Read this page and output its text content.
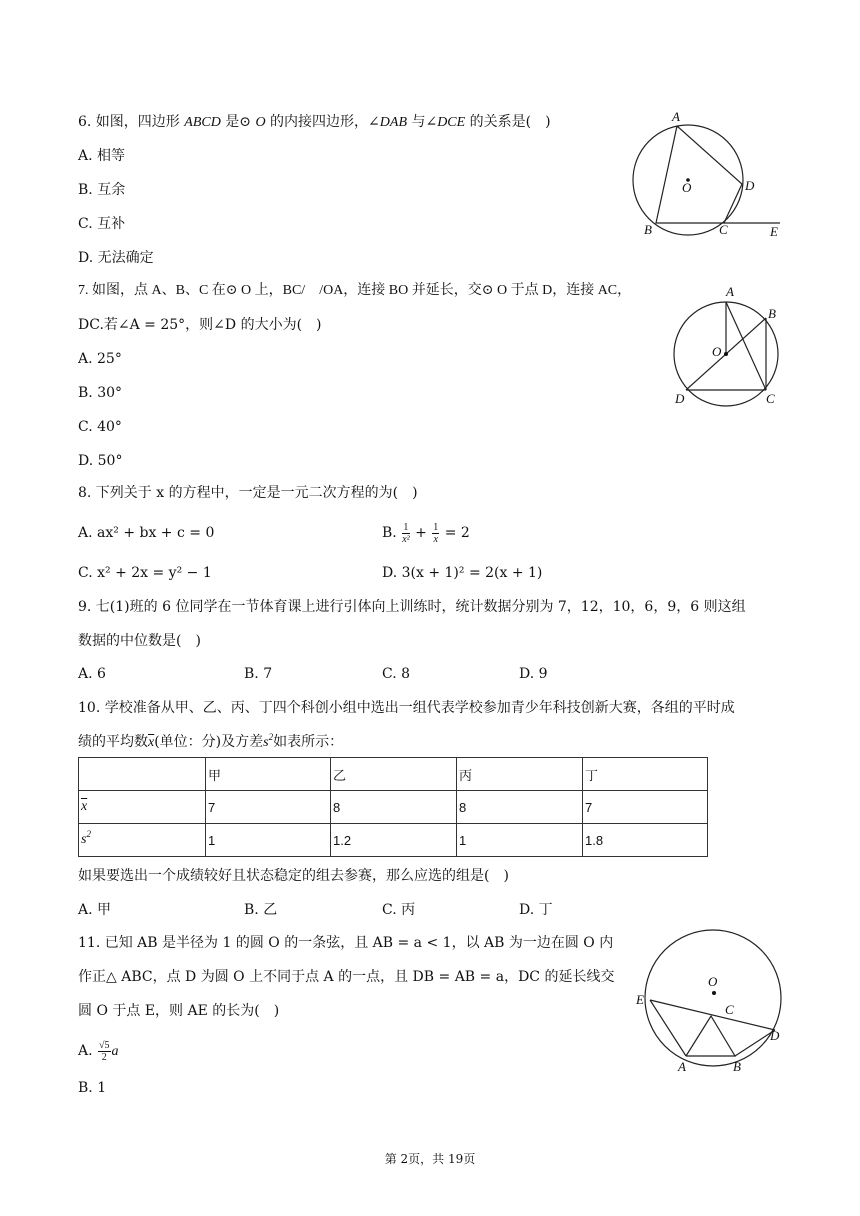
6. 如图，四边形 ABCD 是⊙ O 的内接四边形，∠DAB 与∠DCE 的关系是(　)
A. 相等
B. 互余
C. 互补
D. 无法确定
A
B	C
D
E
O
7. 如图，点 A、B、C 在⊙ O 上，BC/　/OA，连接 BO 并延长，交⊙ O 于点 D，连接 AC，
DC.若∠A = 25°，则∠D 的大小为(　)
A. 25°
B. 30°
C. 40°
D. 50°
A
B
C
D
O
8. 下列关于 x 的方程中，一定是一元二次方程的为(　)
A. ax² + bx + c = 0	B. $\frac{1}{\text{x²}} + \frac{1}{x} = 2$
C. x² + 2x = y² − 1	D. 3(x + 1)² = 2(x + 1)
9. 七(1)班的 6 位同学在一节体育课上进行引体向上训练时，统计数据分别为 7，12，10，6，9，6 则这组
数据的中位数是(　)
A. 6	B. 7	C. 8	D. 9
10. 学校准备从甲、乙、丙、丁四个科创小组中选出一组代表学校参加青少年科技创新大赛，各组的平时成
绩的平均数$\overline{x}$(单位：分)及方差$s^2$如表所示：
	甲	乙	丙	丁
$\overline{x}$	7	8	8	7
$s^2$	1	1.2	1	1.8
如果要选出一个成绩较好且状态稳定的组去参赛，那么应选的组是(　)
A. 甲	B. 乙	C. 丙	D. 丁
11. 已知 AB 是半径为 1 的圆 O 的一条弦，且 AB = a < 1，以 AB 为一边在圆 O 内
作正△ ABC，点 D 为圆 O 上不同于点 A 的一点，且 DB = AB = a，DC 的延长线交
圆 O 于点 E，则 AE 的长为(　)
A. $\frac{√5}{2}$ a
B. 1
O
C
E
D
A	B
第 2页，共 19页
